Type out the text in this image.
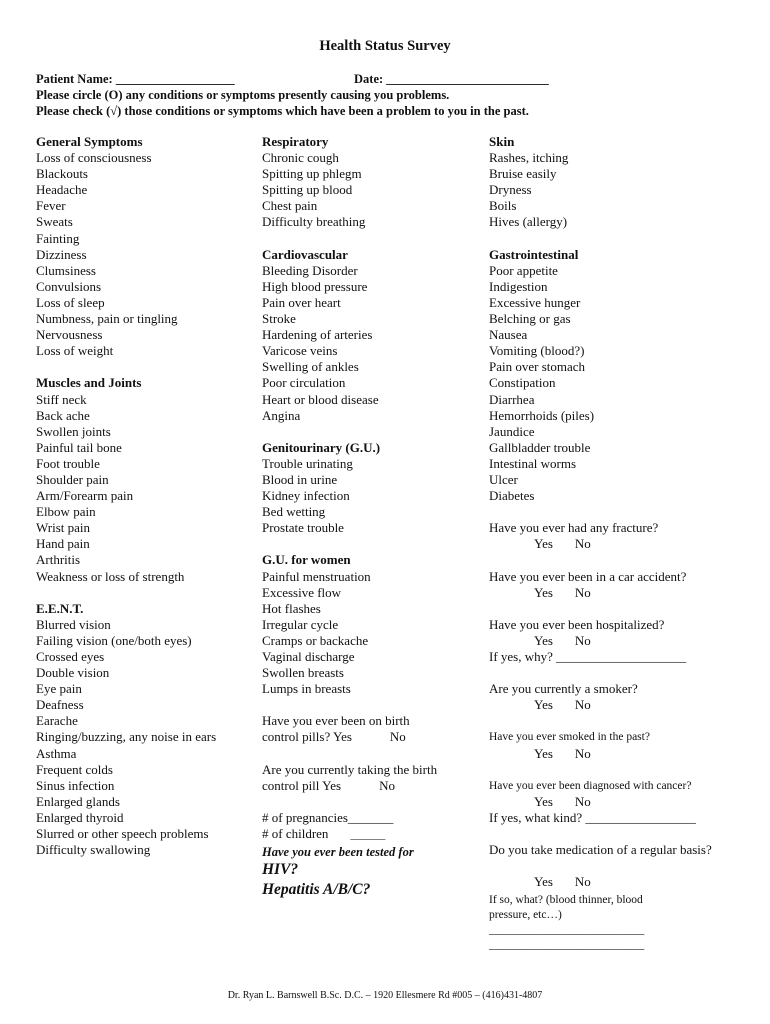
Health Status Survey
Patient Name: ___________________	Date: __________________________
Please circle (O) any conditions or symptoms presently causing you problems.
Please check (√) those conditions or symptoms which have been a problem to you in the past.
General Symptoms
Loss of consciousness
Blackouts
Headache
Fever
Sweats
Fainting
Dizziness
Clumsiness
Convulsions
Loss of sleep
Numbness, pain or tingling
Nervousness
Loss of weight
Muscles and Joints
Stiff neck
Back ache
Swollen joints
Painful tail bone
Foot trouble
Shoulder pain
Arm/Forearm pain
Elbow pain
Wrist pain
Hand pain
Arthritis
Weakness or loss of strength
E.E.N.T.
Blurred vision
Failing vision (one/both eyes)
Crossed eyes
Double vision
Eye pain
Deafness
Earache
Ringing/buzzing, any noise in ears
Asthma
Frequent colds
Sinus infection
Enlarged glands
Enlarged thyroid
Slurred or other speech problems
Difficulty swallowing
Respiratory
Chronic cough
Spitting up phlegm
Spitting up blood
Chest pain
Difficulty breathing
Cardiovascular
Bleeding Disorder
High blood pressure
Pain over heart
Stroke
Hardening of arteries
Varicose veins
Swelling of ankles
Poor circulation
Heart or blood disease
Angina
Genitourinary (G.U.)
Trouble urinating
Blood in urine
Kidney infection
Bed wetting
Prostate trouble
G.U. for women
Painful menstruation
Excessive flow
Hot flashes
Irregular cycle
Cramps or backache
Vaginal discharge
Swollen breasts
Lumps in breasts
Have you ever been on birth
control pills? Yes	No
Are you currently taking the birth
control pill Yes	No
# of pregnancies_______
# of children _______
Have you ever been tested for
HIV?
Hepatitis A/B/C?
Skin
Rashes, itching
Bruise easily
Dryness
Boils
Hives (allergy)
Gastrointestinal
Poor appetite
Indigestion
Excessive hunger
Belching or gas
Nausea
Vomiting (blood?)
Pain over stomach
Constipation
Diarrhea
Hemorrhoids (piles)
Jaundice
Gallbladder trouble
Intestinal worms
Ulcer
Diabetes
Have you ever had any fracture?
Yes No
Have you ever been in a car accident?
Yes No
Have you ever been hospitalized?
Yes No
If yes, why? ____________________
Are you currently a smoker?
Yes No
Have you ever smoked in the past?
Yes No
Have you ever been diagnosed with cancer?
Yes No
If yes, what kind? _________________
Do you take medication of a regular basis?
Yes No
If so, what? (blood thinner, blood
pressure, etc…)
___________________________
___________________________
Dr. Ryan L. Barnswell B.Sc. D.C. – 1920 Ellesmere Rd #005 – (416)431-4807
